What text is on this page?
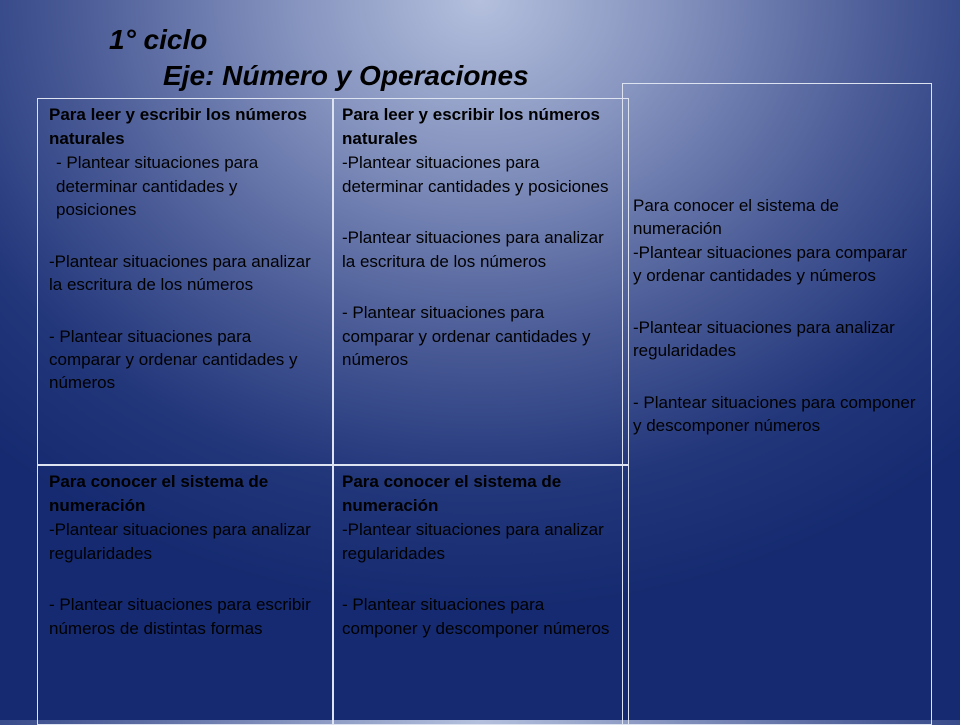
1° ciclo
Eje: Número y Operaciones

Para leer y escribir los números naturales

- Plantear situaciones para determinar cantidades y posiciones

-Plantear situaciones para analizar la escritura de los números

- Plantear situaciones para comparar y ordenar cantidades y números

Para leer y escribir los números naturales

-Plantear situaciones para determinar cantidades y posiciones

-Plantear situaciones para analizar la escritura de los números

- Plantear situaciones para comparar y ordenar cantidades y números

Para conocer el sistema de numeración

-Plantear situaciones para analizar regularidades

- Plantear situaciones para escribir números de distintas formas

Para conocer el sistema de numeración

-Plantear situaciones para analizar regularidades

- Plantear situaciones para componer y descomponer números

Para conocer el sistema de numeración

-Plantear situaciones para comparar y ordenar cantidades y números

-Plantear situaciones para analizar regularidades

- Plantear situaciones para componer y descomponer números
